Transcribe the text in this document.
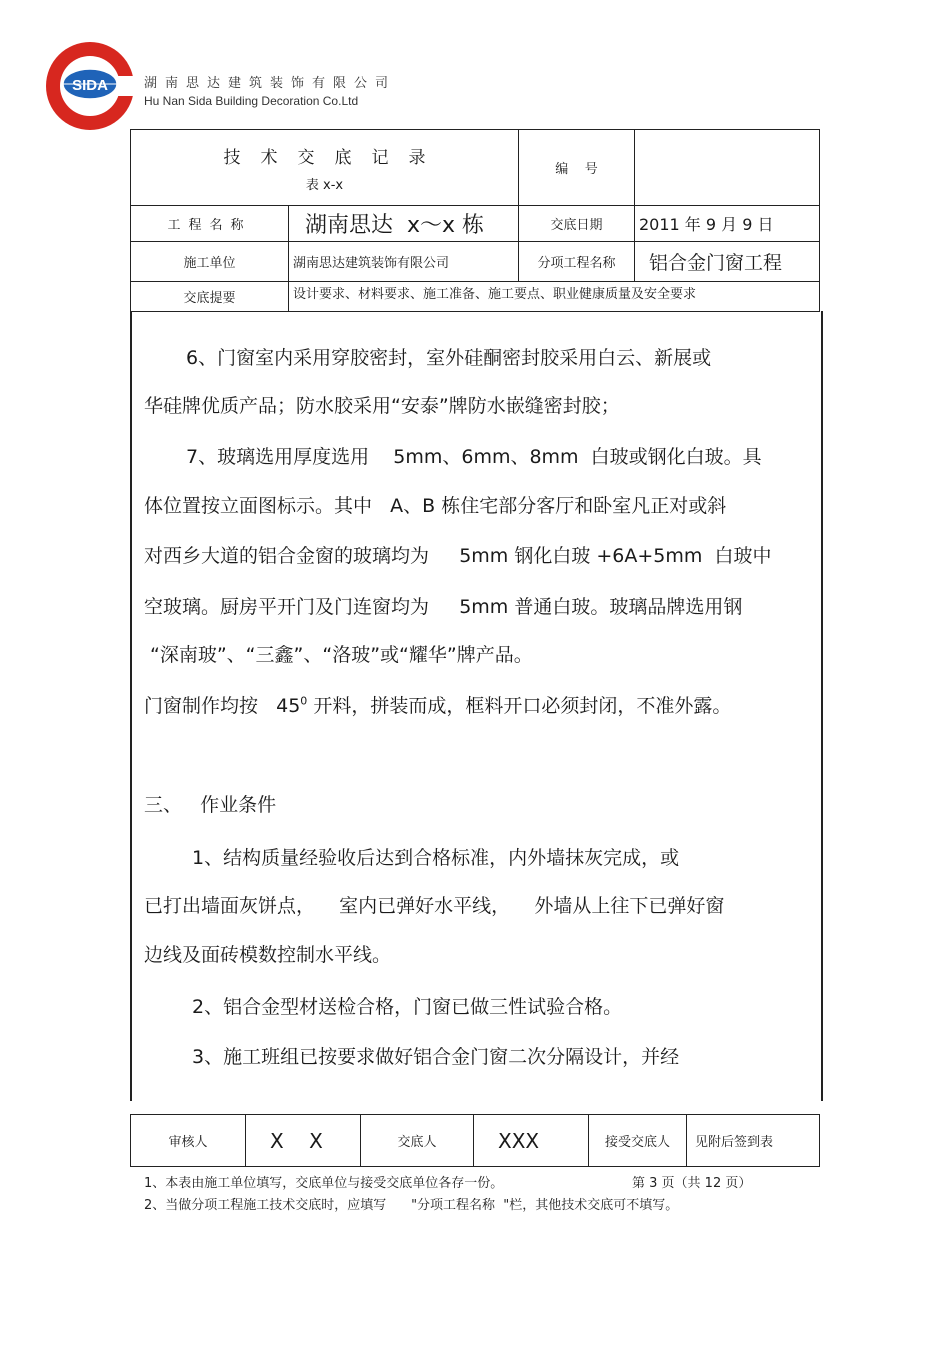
SIDA	湖南思达建筑装饰有限公司
Hu Nan Sida Building Decoration Co.Ltd
技术交底记录
表 x-x		编    号	
工程名称	湖南思达  x～x 栋	交底日期	2011 年 9 月 9 日
施工单位	湖南思达建筑装饰有限公司	分项工程名称	铝合金门窗工程
交底提要	设计要求、材料要求、施工准备、施工要点、职业健康质量及安全要求		
6、门窗室内采用穿胶密封，室外硅酮密封胶采用白云、新展或
华硅牌优质产品；防水胶采用“安泰”牌防水嵌缝密封胶；
7、玻璃选用厚度选用    5mm、6mm、8mm  白玻或钢化白玻。具
体位置按立面图标示。其中   A、B 栋住宅部分客厅和卧室凡正对或斜
对西乡大道的铝合金窗的玻璃均为     5mm 钢化白玻 +6A+5mm  白玻中
空玻璃。厨房平开门及门连窗均为     5mm 普通白玻。玻璃品牌选用钢
“深南玻”、“三鑫”、“洛玻”或“耀华”牌产品。
门窗制作均按   $45^0$ 开料，拼装而成，框料开口必须封闭，不准外露。
三、   作业条件
1、结构质量经验收后达到合格标准，内外墙抹灰完成，或
已打出墙面灰饼点，    室内已弹好水平线，    外墙从上往下已弹好窗
边线及面砖模数控制水平线。
2、铝合金型材送检合格，门窗已做三性试验合格。
3、施工班组已按要求做好铝合金门窗二次分隔设计，并经
审核人	X    X	交底人	XXX	接受交底人	见附后签到表
1、本表由施工单位填写，交底单位与接受交底单位各存一份。	第 3 页（共 12 页）
2、当做分项工程施工技术交底时，应填写      "分项工程名称  "栏，其他技术交底可不填写。
